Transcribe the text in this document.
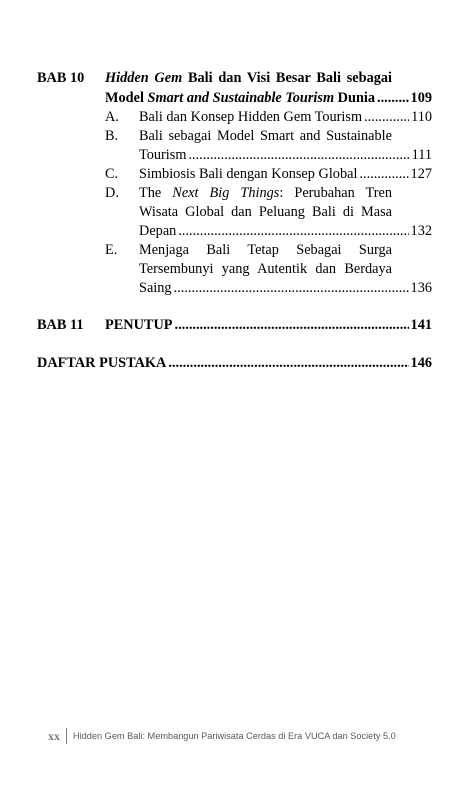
BAB 10 Hidden Gem Bali dan Visi Besar Bali sebagai
Model Smart and Sustainable Tourism Dunia ..... 109
A. Bali dan Konsep Hidden Gem Tourism .....	110
B. Bali sebagai Model Smart and Sustainable
Tourism .....	111
C. Simbiosis Bali dengan Konsep Global .....	127
D. The Next Big Things: Perubahan Tren
Wisata Global dan Peluang Bali di Masa
Depan .....	132
E. Menjaga Bali Tetap Sebagai Surga
Tersembunyi yang Autentik dan Berdaya
Saing .....	136
BAB 11 PENUTUP .....	141
DAFTAR PUSTAKA .....	146
xx	Hidden Gem Bali: Membangun Pariwisata Cerdas di Era VUCA dan Society 5.0
